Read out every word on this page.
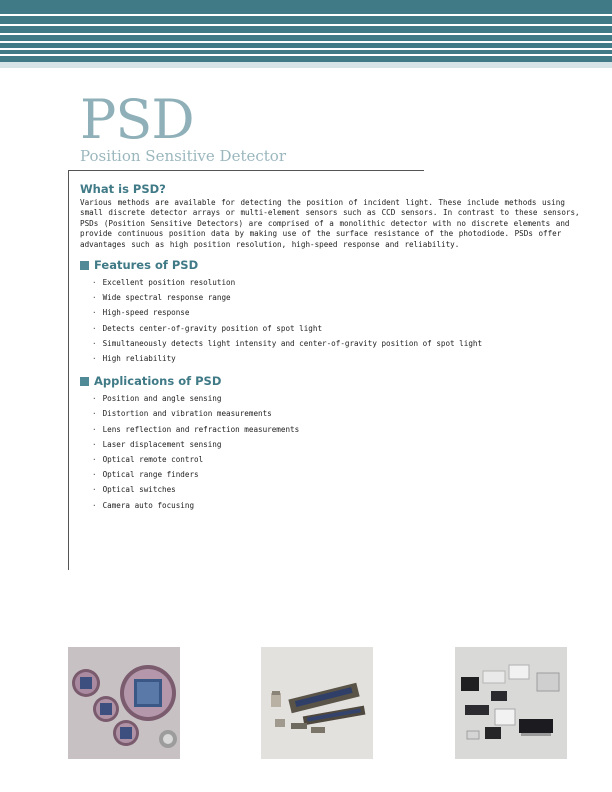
PSD
Position Sensitive Detector
What is PSD?

Various methods are available for detecting the position of incident light. These include methods using small discrete detector arrays or multi-element sensors such as CCD sensors. In contrast to these sensors, PSDs (Position Sensitive Detectors) are comprised of a monolithic detector with no discrete elements and provide continuous position data by making use of the surface resistance of the photodiode. PSDs offer advantages such as high position resolution, high-speed response and reliability.

Features of PSD
· Excellent position resolution
· Wide spectral response range
· High-speed response
· Detects center-of-gravity position of spot light
· Simultaneously detects light intensity and center-of-gravity position of spot light
· High reliability
Applications of PSD
· Position and angle sensing
· Distortion and vibration measurements
· Lens reflection and refraction measurements
· Laser displacement sensing
· Optical remote control
· Optical range finders
· Optical switches
· Camera auto focusing
